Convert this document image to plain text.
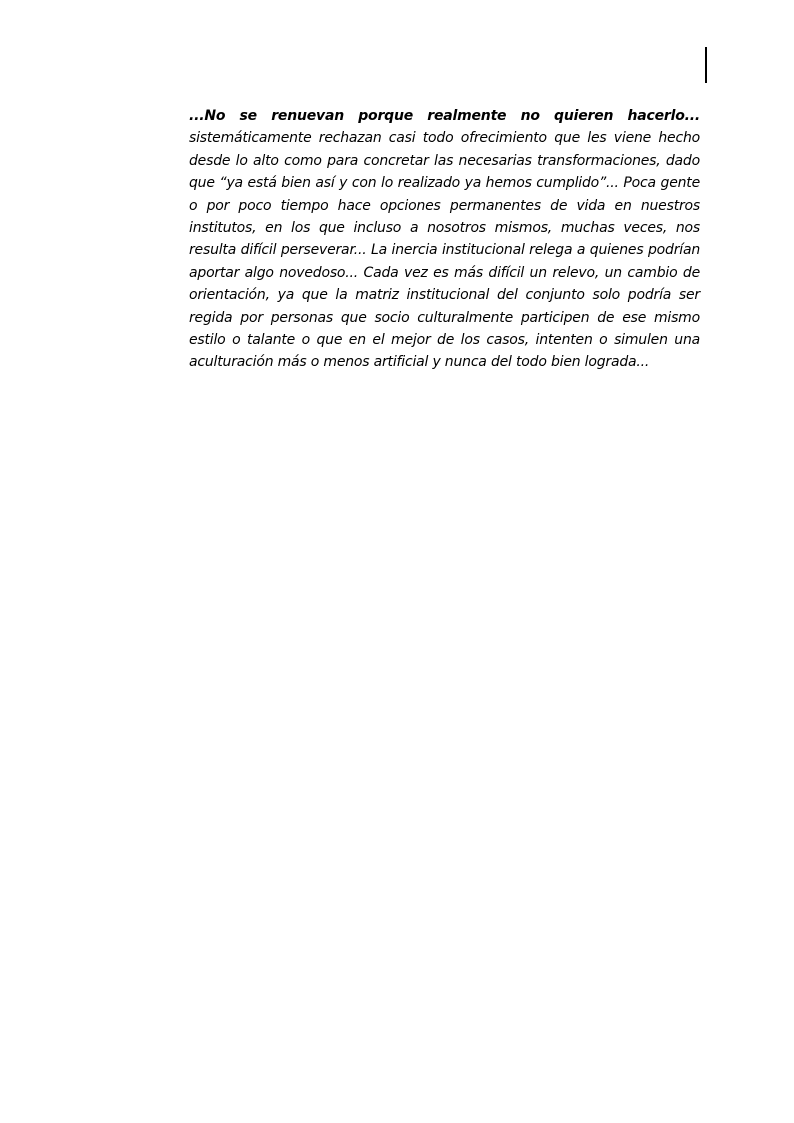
...No se renuevan porque realmente no quieren hacerlo... sistemáticamente rechazan casi todo ofrecimiento que les viene hecho desde lo alto como para concretar las necesarias transformaciones, dado que “ya está bien así y con lo realizado ya hemos cumplido”... Poca gente o por poco tiempo hace opciones permanentes de vida en nuestros institutos, en los que incluso a nosotros mismos, muchas veces, nos resulta difícil perseverar... La inercia institucional relega a quienes podrían aportar algo novedoso... Cada vez es más difícil un relevo, un cambio de orientación, ya que la matriz institucional del conjunto solo podría ser regida por personas que socio culturalmente participen de ese mismo estilo o talante o que en el mejor de los casos, intenten o simulen una aculturación más o menos artificial y nunca del todo bien lograda...
